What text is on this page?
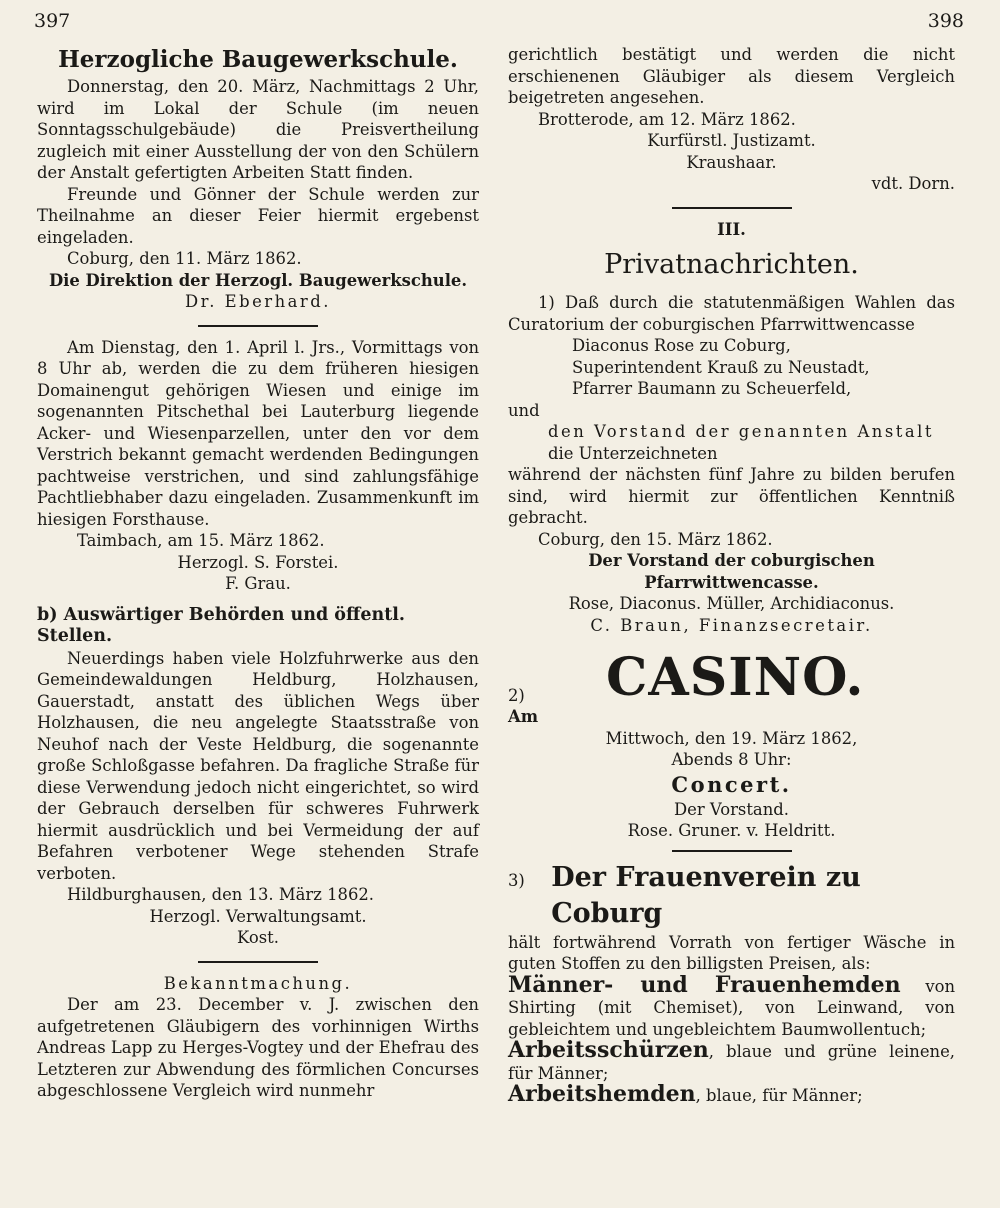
397	398

Herzogliche Baugewerkschule.

Donnerstag, den 20. März, Nachmittags 2 Uhr, wird im Lokal der Schule (im neuen Sonntagsschulgebäude) die Preisvertheilung zugleich mit einer Ausstellung der von den Schülern der Anstalt gefertigten Arbeiten Statt finden.

Freunde und Gönner der Schule werden zur Theilnahme an dieser Feier hiermit ergebenst eingeladen.

Coburg, den 11. März 1862.

Die Direktion der Herzogl. Baugewerkschule.

Dr. Eberhard.

Am Dienstag, den 1. April l. Jrs., Vormittags von 8 Uhr ab, werden die zu dem früheren hiesigen Domainengut gehörigen Wiesen und einige im sogenannten Pitschethal bei Lauterburg liegende Acker- und Wiesenparzellen, unter den vor dem Verstrich bekannt gemacht werdenden Bedingungen pachtweise verstrichen, und sind zahlungsfähige Pachtliebhaber dazu eingeladen. Zusammenkunft im hiesigen Forsthause.

Taimbach, am 15. März 1862.

Herzogl. S. Forstei.

F. Grau.

b) Auswärtiger Behörden und öffentl. Stellen.

Neuerdings haben viele Holzfuhrwerke aus den Gemeindewaldungen Heldburg, Holzhausen, Gauerstadt, anstatt des üblichen Wegs über Holzhausen, die neu angelegte Staatsstraße von Neuhof nach der Veste Heldburg, die sogenannte große Schloßgasse befahren. Da fragliche Straße für diese Verwendung jedoch nicht eingerichtet, so wird der Gebrauch derselben für schweres Fuhrwerk hiermit ausdrücklich und bei Vermeidung der auf Befahren verbotener Wege stehenden Strafe verboten.

Hildburghausen, den 13. März 1862.

Herzogl. Verwaltungsamt.

Kost.

Bekanntmachung.

Der am 23. December v. J. zwischen den aufgetretenen Gläubigern des vorhinnigen Wirths Andreas Lapp zu Herges-Vogtey und der Ehefrau des Letzteren zur Abwendung des förmlichen Concurses abgeschlossene Vergleich wird nunmehr

gerichtlich bestätigt und werden die nicht erschienenen Gläubiger als diesem Vergleich beigetreten angesehen.

Brotterode, am 12. März 1862.

Kurfürstl. Justizamt.

Kraushaar.

vdt. Dorn.

III.

Privatnachrichten.

1) Daß durch die statutenmäßigen Wahlen das Curatorium der coburgischen Pfarrwittwencasse

Diaconus Rose zu Coburg,
Superintendent Krauß zu Neustadt,
Pfarrer Baumann zu Scheuerfeld,

und

den Vorstand der genannten Anstalt

die Unterzeichneten

während der nächsten fünf Jahre zu bilden berufen sind, wird hiermit zur öffentlichen Kenntniß gebracht.

Coburg, den 15. März 1862.

Der Vorstand der coburgischen Pfarrwittwencasse.

Rose, Diaconus. Müller, Archidiaconus.

C. Braun, Finanzsecretair.

2)	CASINO.

Am

Mittwoch, den 19. März 1862,

Abends 8 Uhr:

Concert.

Der Vorstand.

Rose. Gruner. v. Heldritt.

3) Der Frauenverein zu Coburg

hält fortwährend Vorrath von fertiger Wäsche in guten Stoffen zu den billigsten Preisen, als:

Männer- und Frauenhemden von Shirting (mit Chemiset), von Leinwand, von gebleichtem und ungebleichtem Baumwollentuch;

Arbeitsschürzen, blaue und grüne leinene, für Männer;

Arbeitshemden, blaue, für Männer;
